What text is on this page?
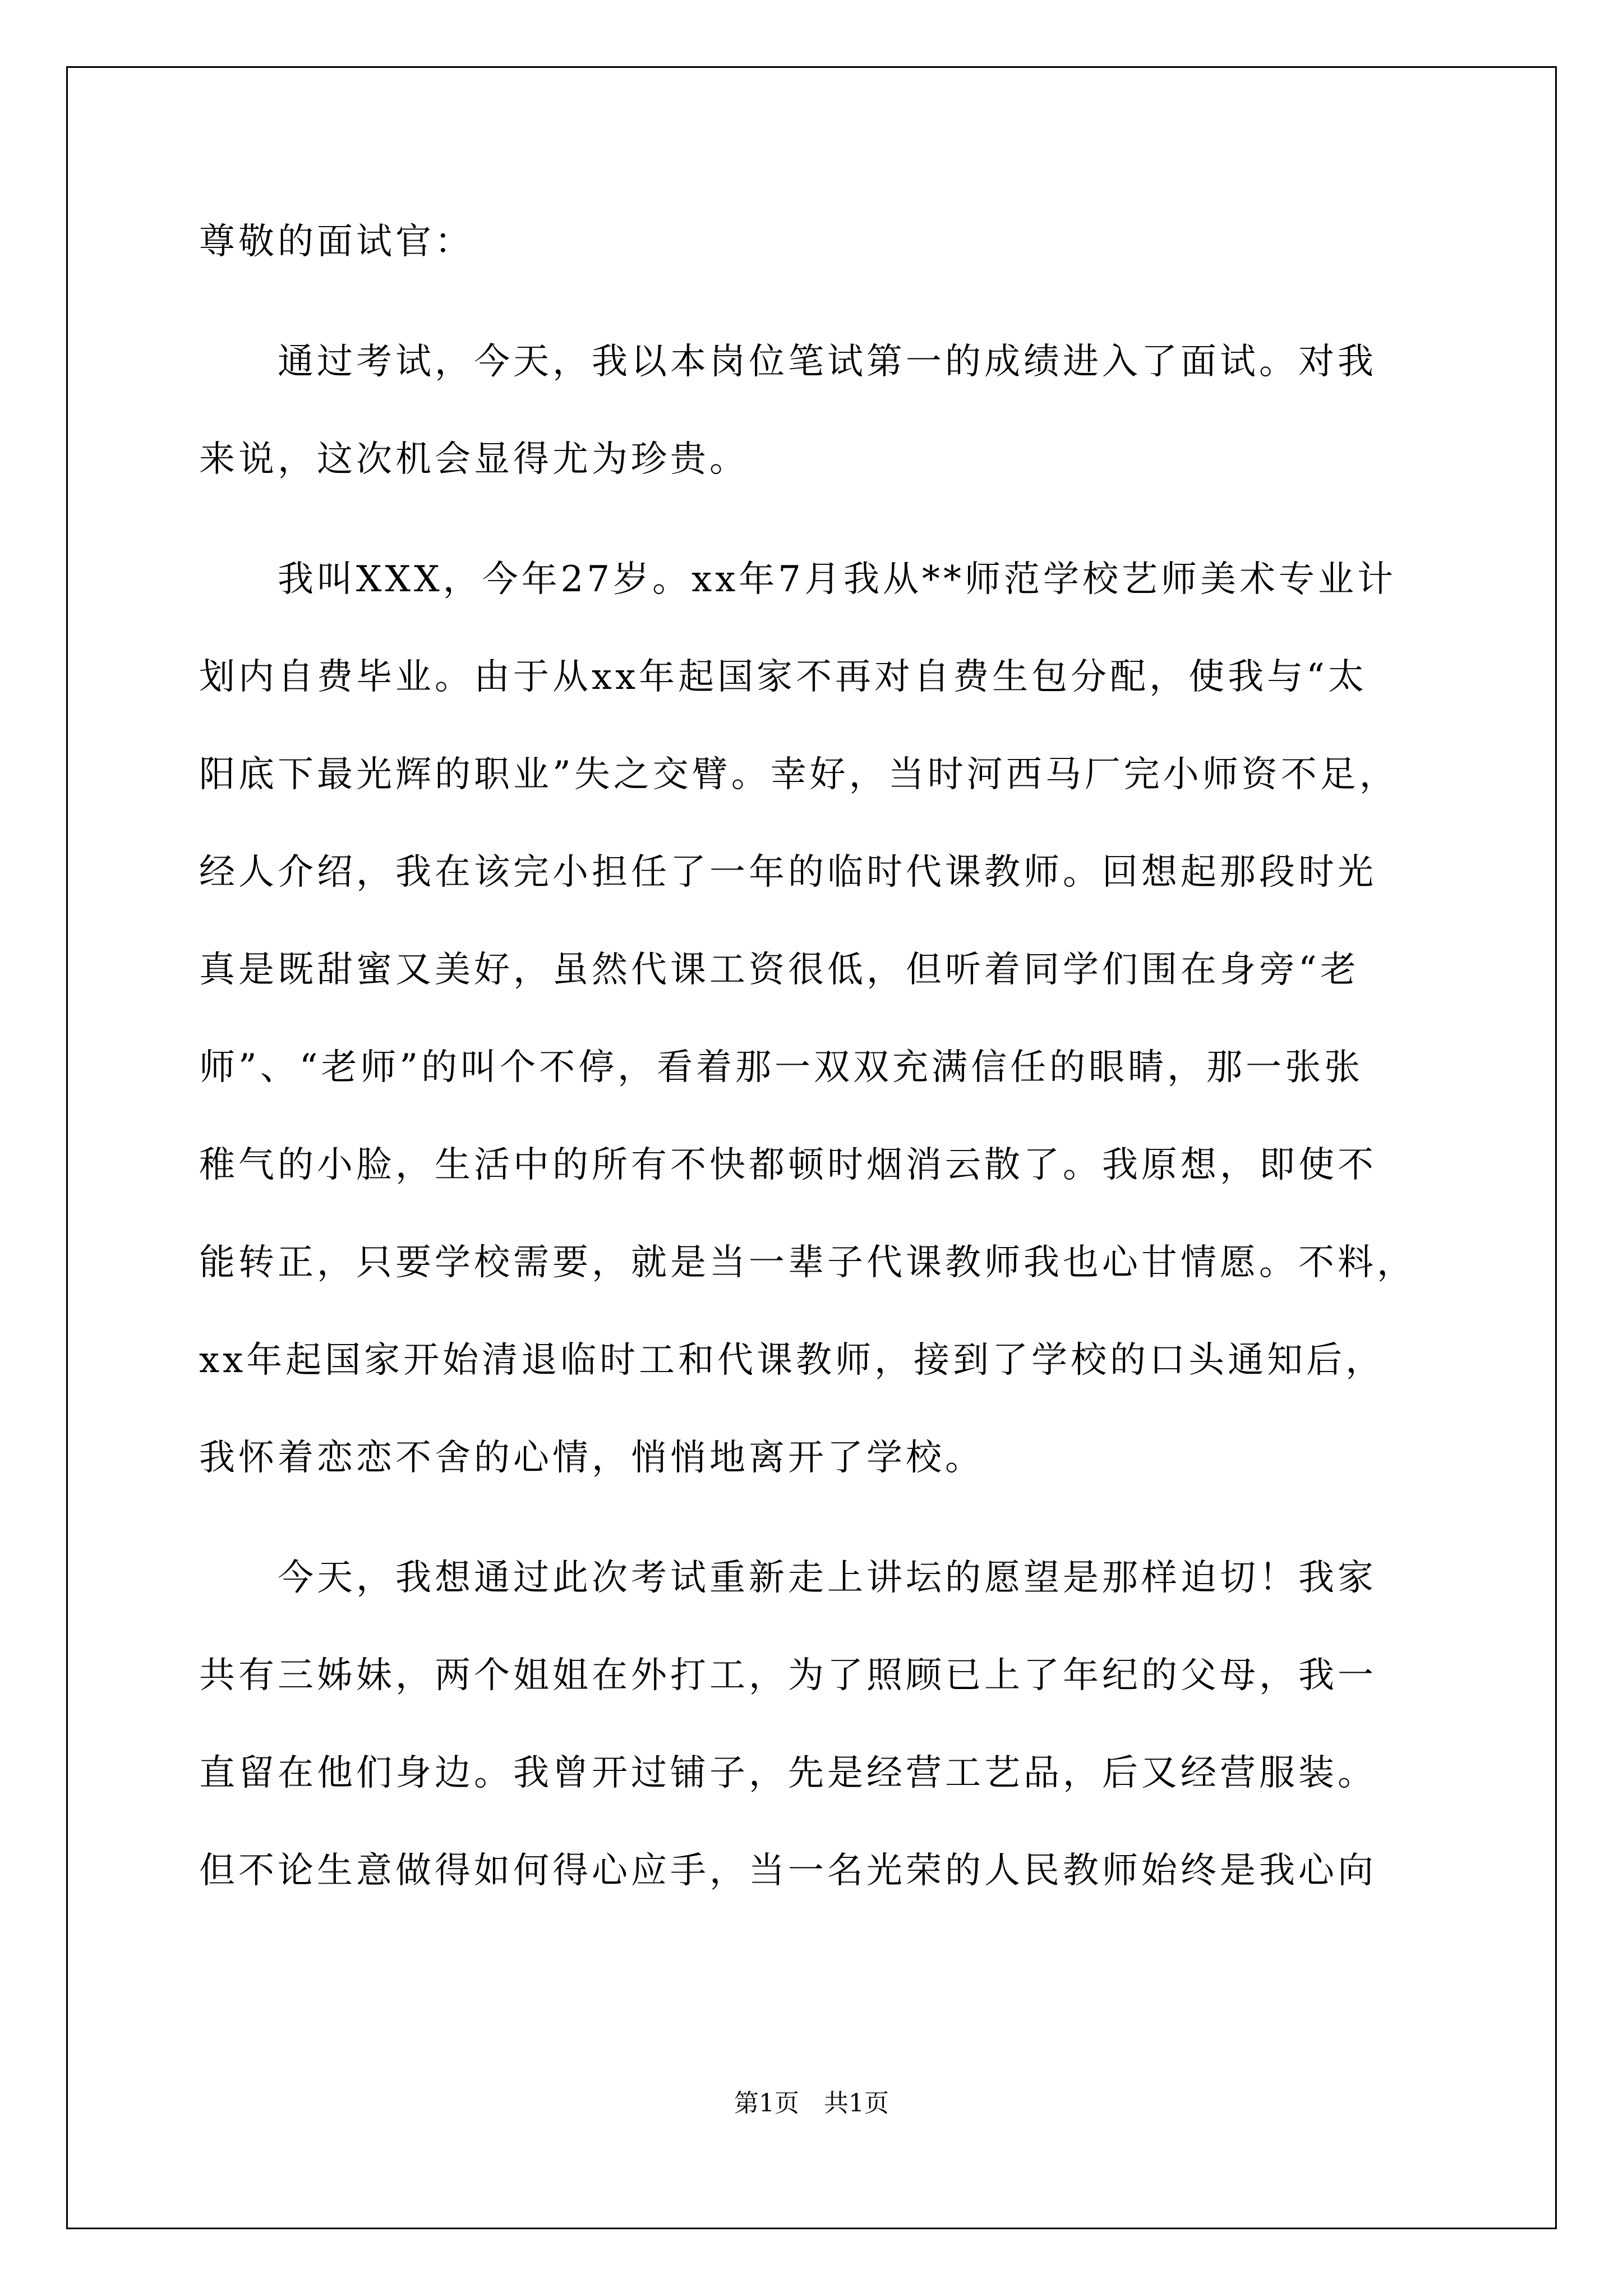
尊敬的面试官：
　　通过考试，今天，我以本岗位笔试第一的成绩进入了面试。对我
来说，这次机会显得尤为珍贵。
　　我叫XXX，今年27岁。xx年7月我从**师范学校艺师美术专业计
划内自费毕业。由于从xx年起国家不再对自费生包分配，使我与“太
阳底下最光辉的职业”失之交臂。幸好，当时河西马厂完小师资不足，
经人介绍，我在该完小担任了一年的临时代课教师。回想起那段时光
真是既甜蜜又美好，虽然代课工资很低，但听着同学们围在身旁“老
师”、“老师”的叫个不停，看着那一双双充满信任的眼睛，那一张张
稚气的小脸，生活中的所有不快都顿时烟消云散了。我原想，即使不
能转正，只要学校需要，就是当一辈子代课教师我也心甘情愿。不料，
xx年起国家开始清退临时工和代课教师，接到了学校的口头通知后，
我怀着恋恋不舍的心情，悄悄地离开了学校。
　　今天，我想通过此次考试重新走上讲坛的愿望是那样迫切！我家
共有三姊妹，两个姐姐在外打工，为了照顾已上了年纪的父母，我一
直留在他们身边。我曾开过铺子，先是经营工艺品，后又经营服装。
但不论生意做得如何得心应手，当一名光荣的人民教师始终是我心向
第1页　共1页
